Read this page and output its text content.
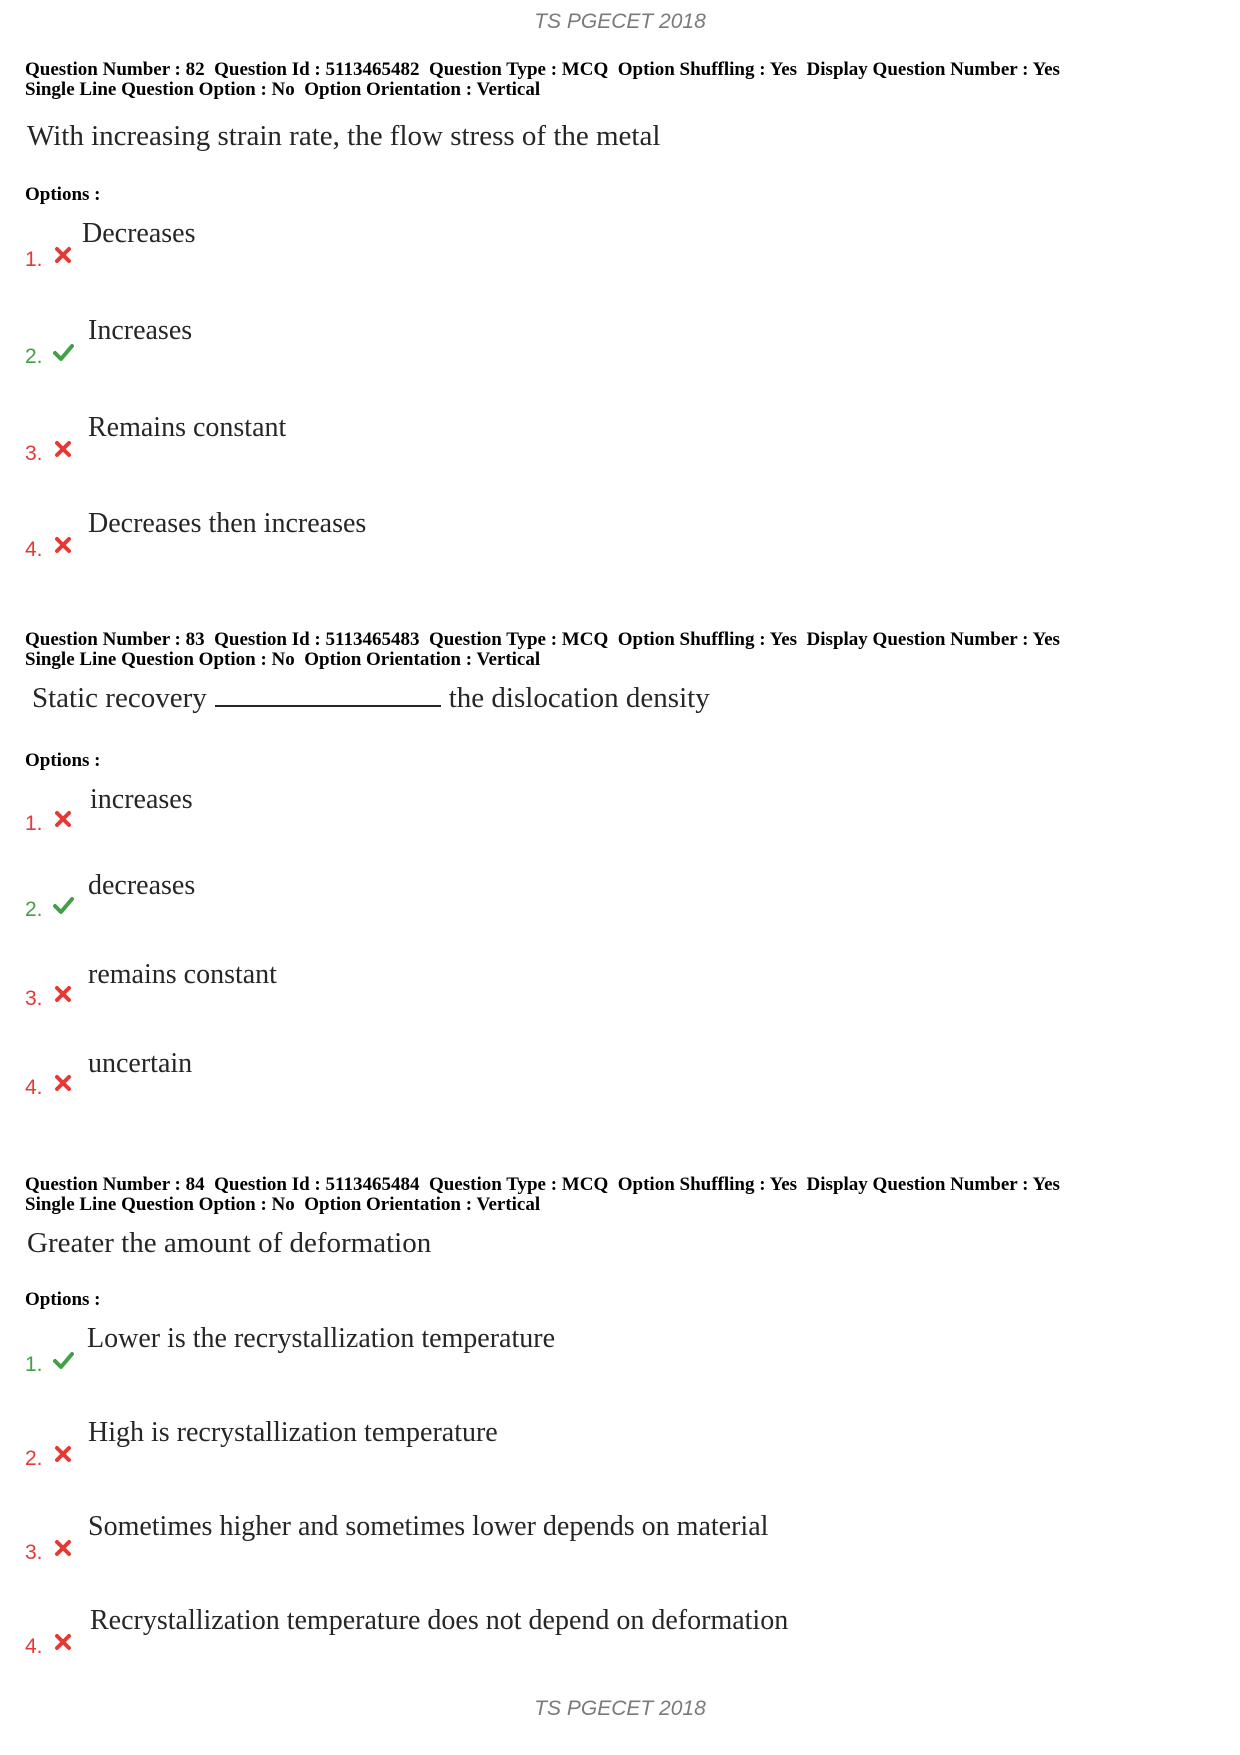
TS PGECET 2018

Question Number : 82  Question Id : 5113465482  Question Type : MCQ  Option Shuffling : Yes  Display Question Number : Yes

Single Line Question Option : No  Option Orientation : Vertical

With increasing strain rate, the flow stress of the metal

Options :
1.
Decreases
2.
Increases
3.
Remains constant
4.
Decreases then increases

Question Number : 83  Question Id : 5113465483  Question Type : MCQ  Option Shuffling : Yes  Display Question Number : Yes

Single Line Question Option : No  Option Orientation : Vertical

Static recovery	the dislocation density

Options :
1.
increases
2.
decreases
3.
remains constant
4.
uncertain

Question Number : 84  Question Id : 5113465484  Question Type : MCQ  Option Shuffling : Yes  Display Question Number : Yes

Single Line Question Option : No  Option Orientation : Vertical

Greater the amount of deformation

Options :
1.
Lower is the recrystallization temperature
2.
High is recrystallization temperature
3.
Sometimes higher and sometimes lower depends on material
4.
Recrystallization temperature does not depend on deformation
TS PGECET 2018
